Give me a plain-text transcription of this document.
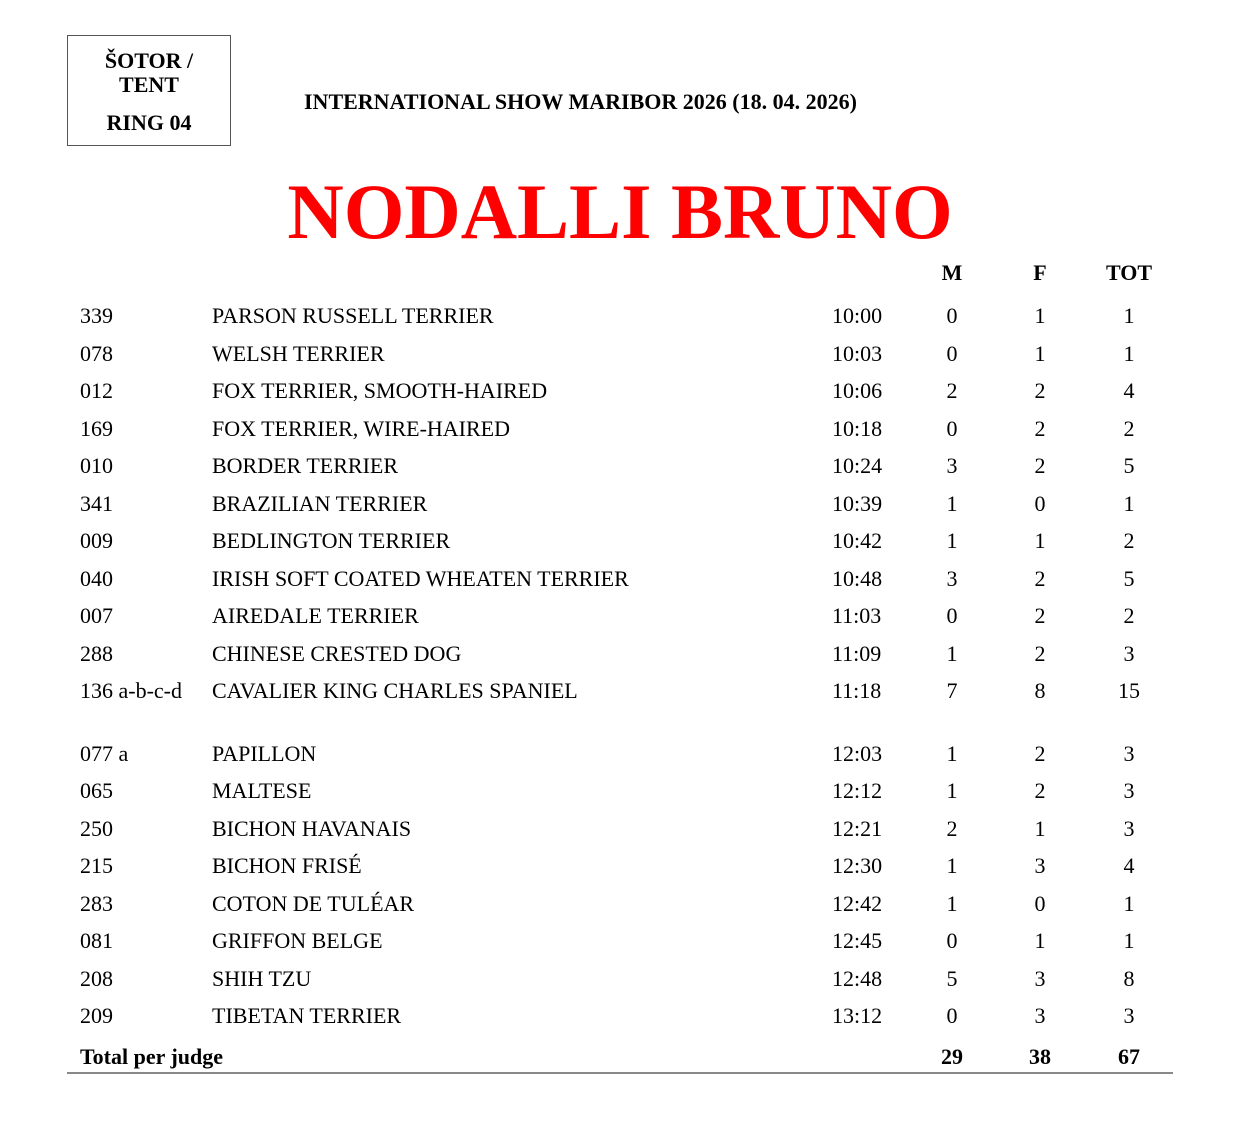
ŠOTOR /
TENT
RING 04
INTERNATIONAL SHOW MARIBOR 2026 (18. 04. 2026)
NODALLI BRUNO
M	F	TOT
339	PARSON RUSSELL TERRIER	10:00	0	1	1
078	WELSH TERRIER	10:03	0	1	1
012	FOX TERRIER, SMOOTH-HAIRED	10:06	2	2	4
169	FOX TERRIER, WIRE-HAIRED	10:18	0	2	2
010	BORDER TERRIER	10:24	3	2	5
341	BRAZILIAN TERRIER	10:39	1	0	1
009	BEDLINGTON TERRIER	10:42	1	1	2
040	IRISH SOFT COATED WHEATEN TERRIER	10:48	3	2	5
007	AIREDALE TERRIER	11:03	0	2	2
288	CHINESE CRESTED DOG	11:09	1	2	3
136 a-b-c-d	CAVALIER KING CHARLES SPANIEL	11:18	7	8	15
077 a	PAPILLON	12:03	1	2	3
065	MALTESE	12:12	1	2	3
250	BICHON HAVANAIS	12:21	2	1	3
215	BICHON FRISÉ	12:30	1	3	4
283	COTON DE TULÉAR	12:42	1	0	1
081	GRIFFON BELGE	12:45	0	1	1
208	SHIH TZU	12:48	5	3	8
209	TIBETAN TERRIER	13:12	0	3	3
Total per judge	29	38	67
